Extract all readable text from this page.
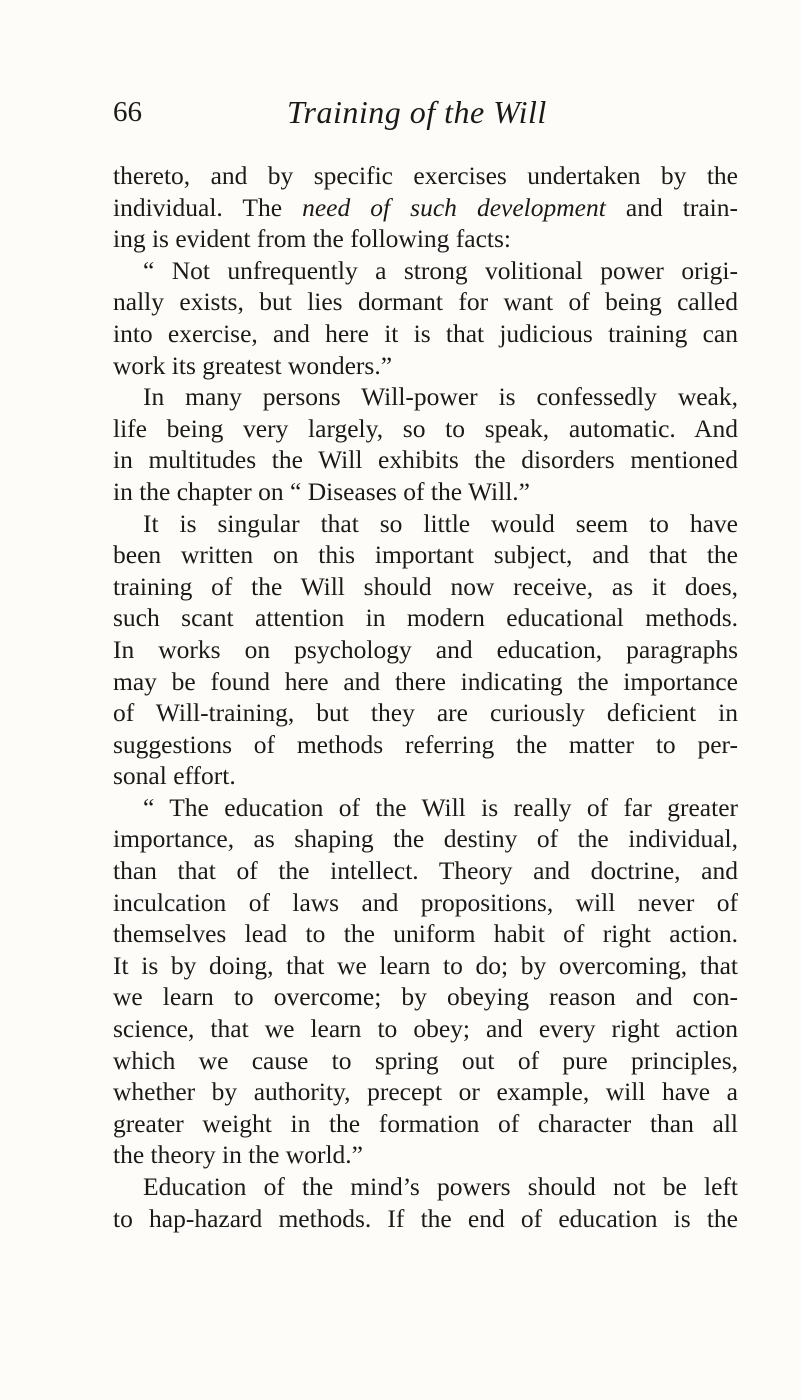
66	Training of the Will
thereto, and by specific exercises undertaken by the
individual. The need of such development and train-
ing is evident from the following facts:
“ Not unfrequently a strong volitional power origi-
nally exists, but lies dormant for want of being called
into exercise, and here it is that judicious training can
work its greatest wonders.”
In many persons Will-power is confessedly weak,
life being very largely, so to speak, automatic. And
in multitudes the Will exhibits the disorders mentioned
in the chapter on “ Diseases of the Will.”
It is singular that so little would seem to have
been written on this important subject, and that the
training of the Will should now receive, as it does,
such scant attention in modern educational methods.
In works on psychology and education, paragraphs
may be found here and there indicating the importance
of Will-training, but they are curiously deficient in
suggestions of methods referring the matter to per-
sonal effort.
“ The education of the Will is really of far greater
importance, as shaping the destiny of the individual,
than that of the intellect. Theory and doctrine, and
inculcation of laws and propositions, will never of
themselves lead to the uniform habit of right action.
It is by doing, that we learn to do; by overcoming, that
we learn to overcome; by obeying reason and con-
science, that we learn to obey; and every right action
which we cause to spring out of pure principles,
whether by authority, precept or example, will have a
greater weight in the formation of character than all
the theory in the world.”
Education of the mind’s powers should not be left
to hap-hazard methods. If the end of education is the
